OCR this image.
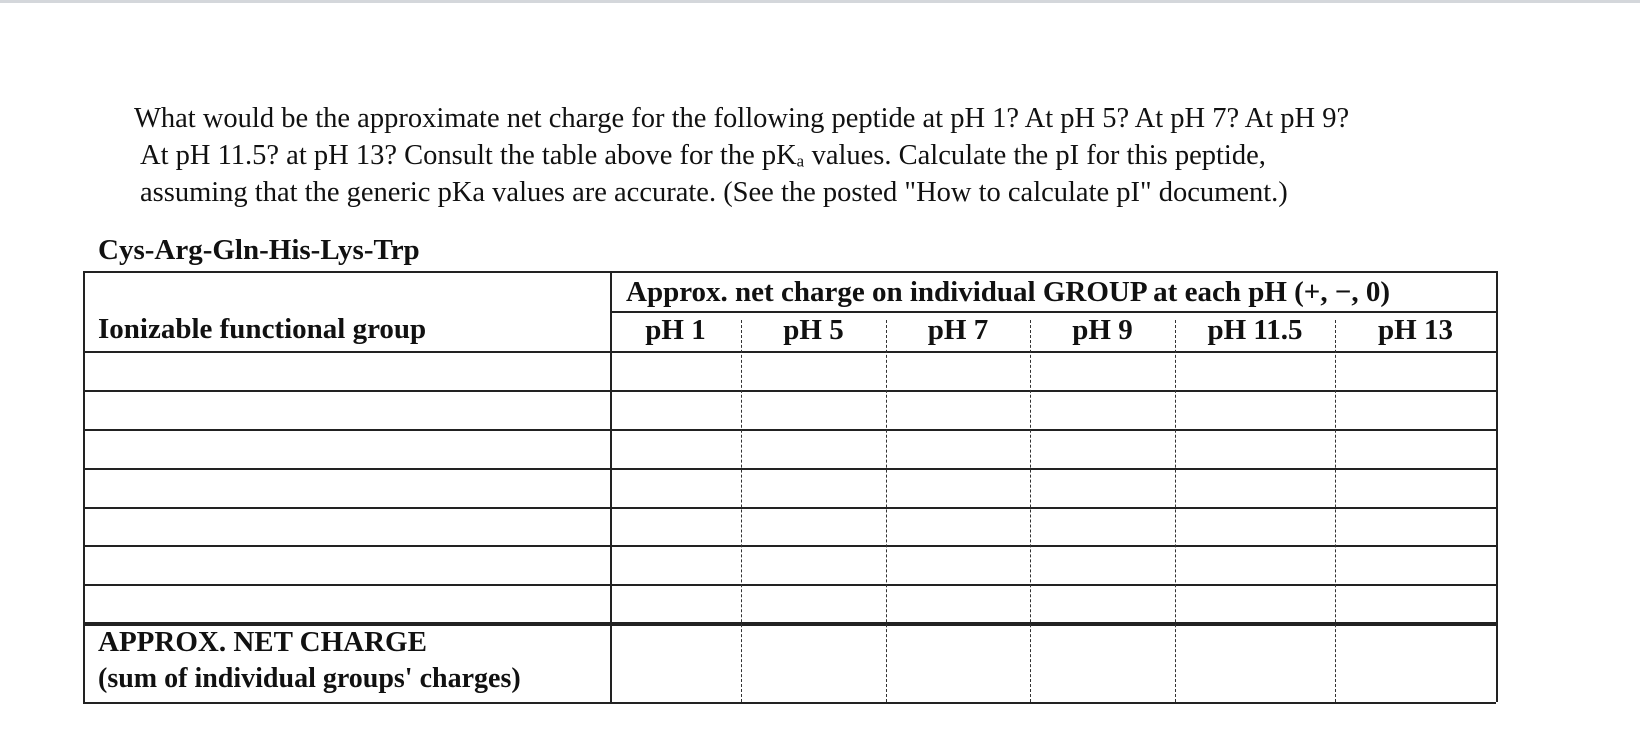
What would be the approximate net charge for the following peptide at pH 1? At pH 5? At pH 7? At pH 9?
At pH 11.5? at pH 13? Consult the table above for the pKₐ values. Calculate the pI for this peptide,
assuming that the generic pKa values are accurate. (See the posted "How to calculate pI" document.)
Cys-Arg-Gln-His-Lys-Trp
Approx. net charge on individual GROUP at each pH (+, −, 0)
Ionizable functional group	pH 1	pH 5	pH 7	pH 9	pH 11.5	pH 13
APPROX. NET CHARGE
(sum of individual groups' charges)
